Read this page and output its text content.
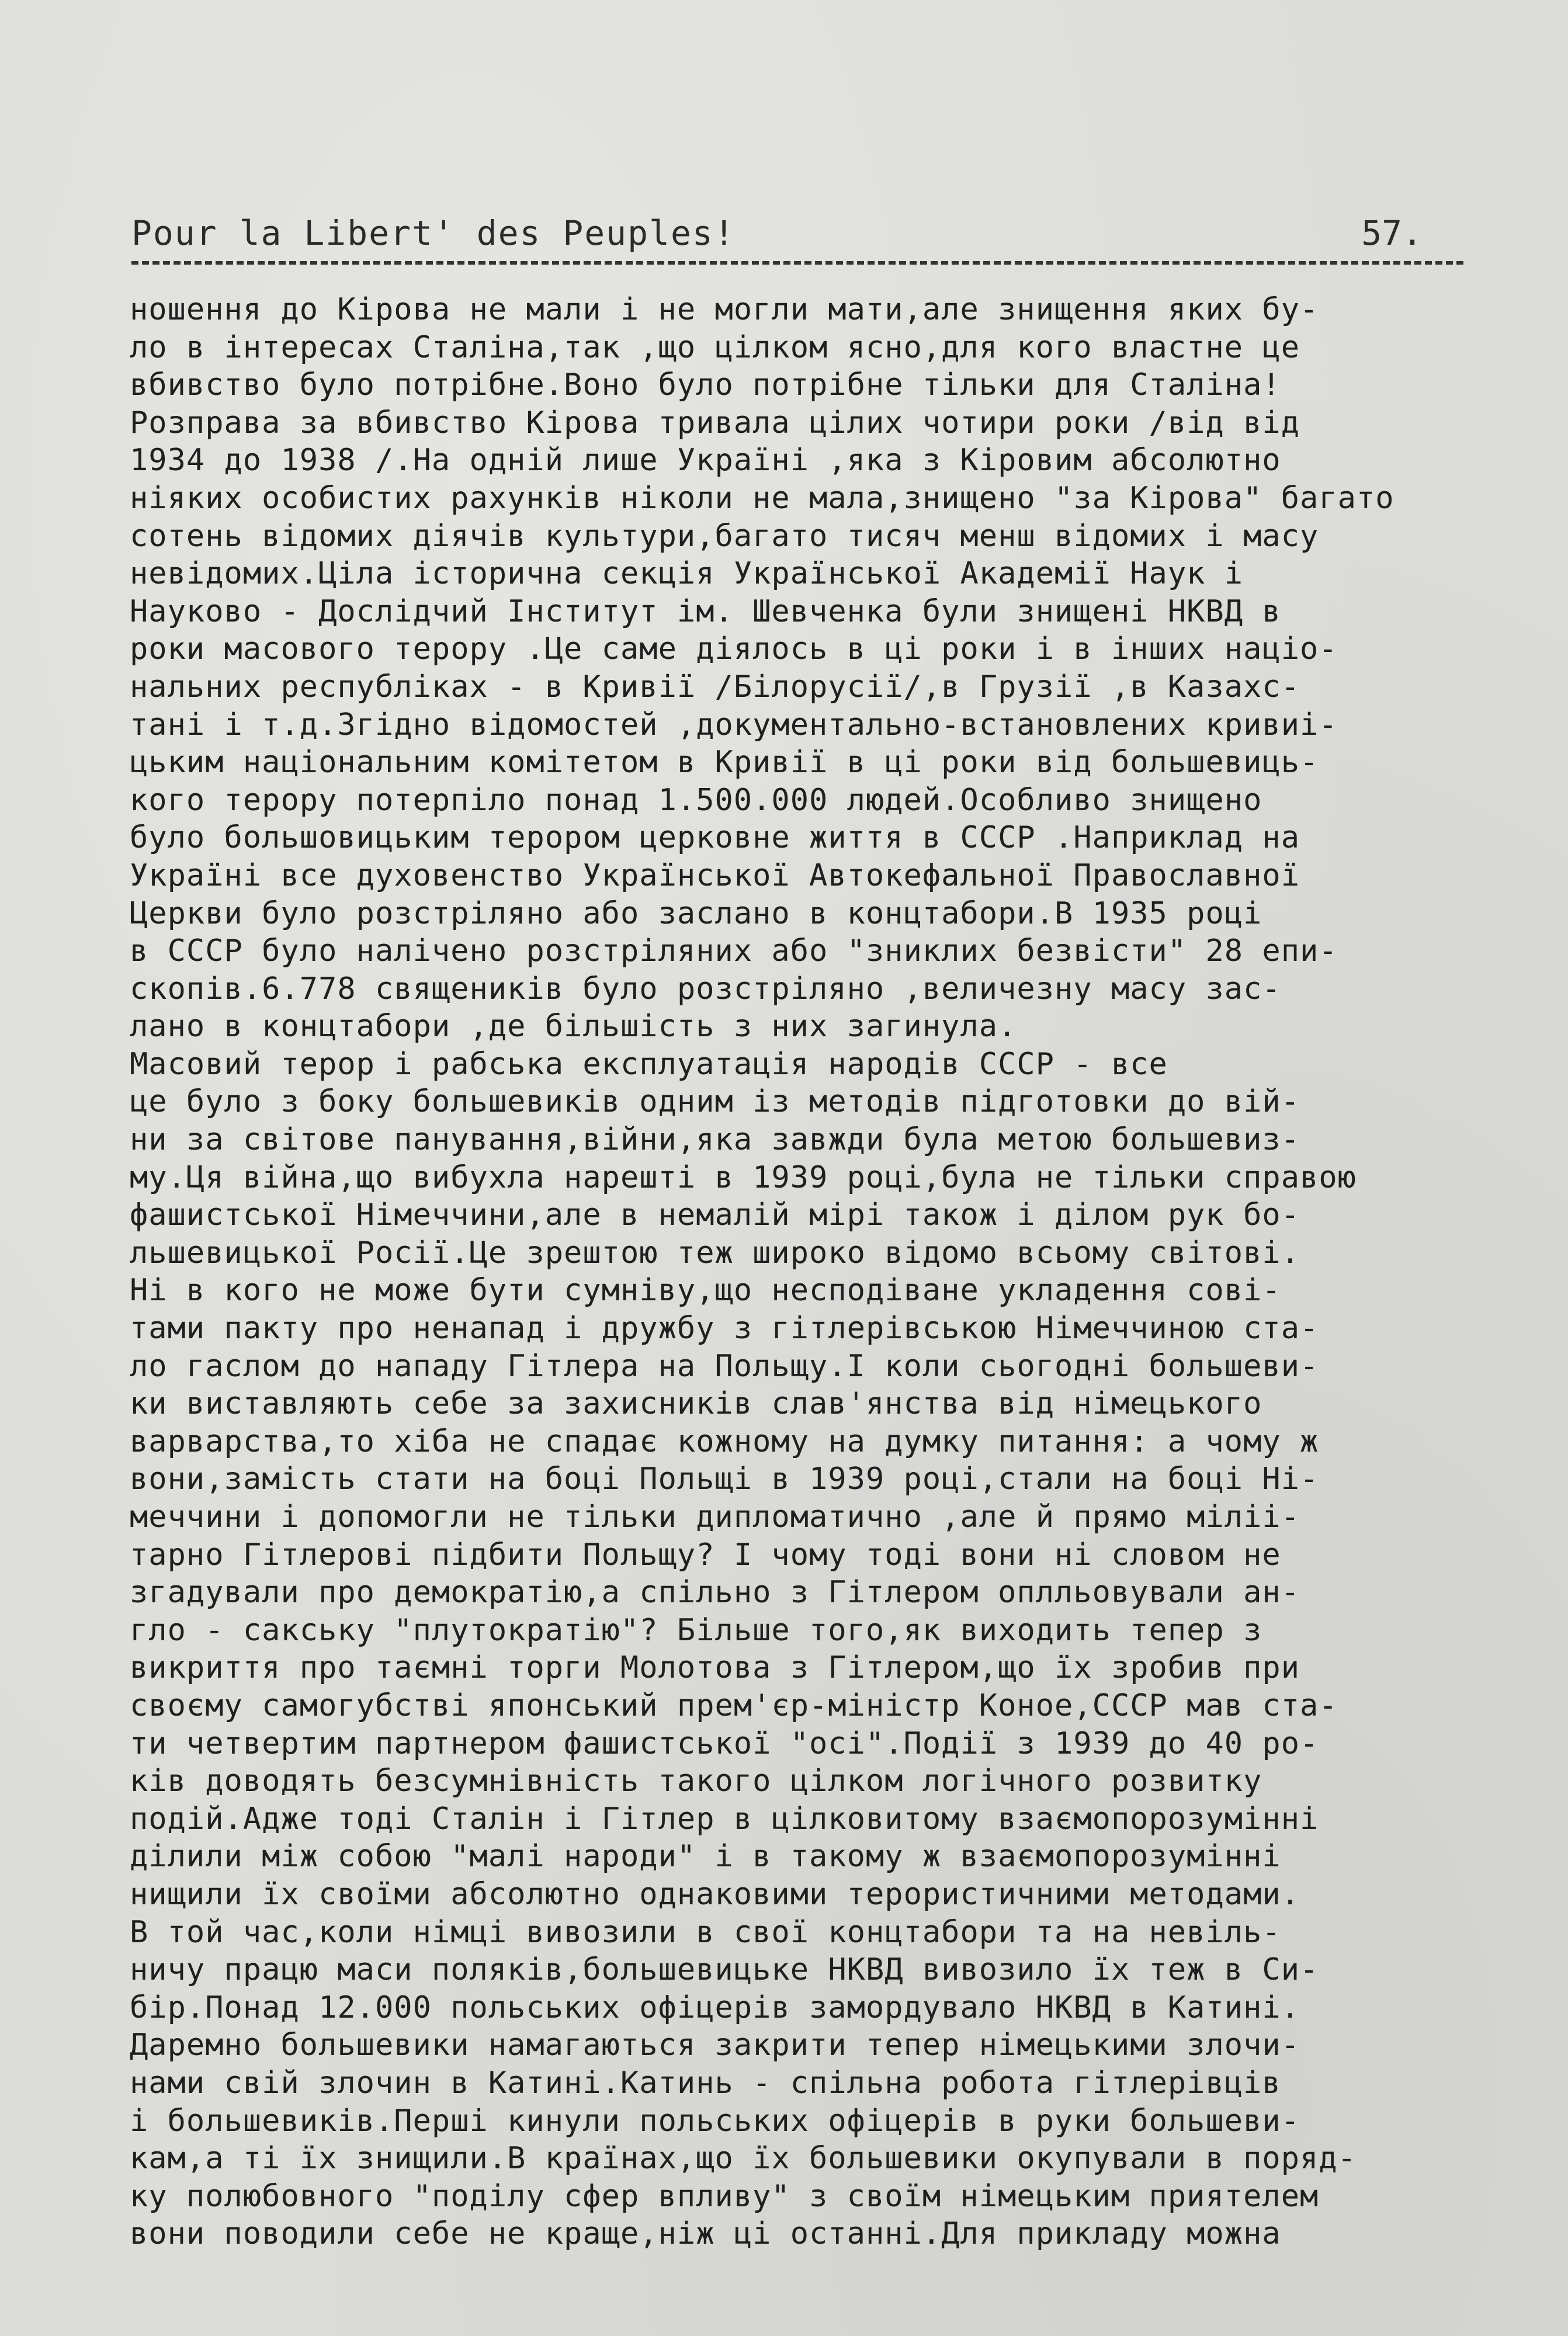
Pour la Libert' des Peuples!	57.
ношення до Кірова не мали і не могли мати,але знищення яких бу-
ло в інтересах Сталіна,так ,що цілком ясно,для кого властне це
вбивство було потрібне.Воно було потрібне тільки для Сталіна!
Розправа за вбивство Кірова тривала цілих чотири роки /від від
1934 до 1938 /.На одній лише Україні ,яка з Кіровим абсолютно
ніяких особистих рахунків ніколи не мала,знищено "за Кірова" багато
сотень відомих діячів культури,багато тисяч менш відомих і масу
невідомих.Ціла історична секція Української Академії Наук і
Науково - Дослідчий Інститут ім. Шевченка були знищені НКВД в
роки масового терору .Це саме діялось в ці роки і в інших націо-
нальних республіках - в Кривії /Білорусії/,в Грузії ,в Казахс-
тані і т.д.Згідно відомостей ,документально-встановлених кривиі-
цьким національним комітетом в Кривії в ці роки від большевиць-
кого терору потерпіло понад 1.500.000 людей.Особливо знищено
було большовицьким терором церковне життя в СССР .Наприклад на
Україні все духовенство Української Автокефальної Православної
Церкви було розстріляно або заслано в концтабори.В 1935 році
в СССР було налічено розстріляних або "зниклих безвісти" 28 епи-
скопів.6.778 священиків було розстріляно ,величезну масу зас-
лано в концтабори ,де більшість з них загинула.
Масовий терор і рабська експлуатація народів СССР - все
це було з боку большевиків одним із методів підготовки до вій-
ни за світове панування,війни,яка завжди була метою большевиз-
му.Ця війна,що вибухла нарешті в 1939 році,була не тільки справою
фашистської Німеччини,але в немалій мірі також і ділом рук бо-
льшевицької Росії.Це зрештою теж широко відомо всьому світові.
Ні в кого не може бути сумніву,що несподіване укладення сові-
тами пакту про ненапад і дружбу з гітлерівською Німеччиною ста-
ло гаслом до нападу Гітлера на Польщу.І коли сьогодні большеви-
ки виставляють себе за захисників слав'янства від німецького
варварства,то хіба не спадає кожному на думку питання: а чому ж
вони,замість стати на боці Польщі в 1939 році,стали на боці Ні-
меччини і допомогли не тільки дипломатично ,але й прямо міліі-
тарно Гітлерові підбити Польщу? І чому тоді вони ні словом не
згадували про демократію,а спільно з Гітлером оплльовували ан-
гло - сакську "плутократію"? Більше того,як виходить тепер з
викриття про таємні торги Молотова з Гітлером,що їх зробив при
своєму самогубстві японський прем'єр-міністр Коное,СССР мав ста-
ти четвертим партнером фашистської "осі".Події з 1939 до 40 ро-
ків доводять безсумнівність такого цілком логічного розвитку
подій.Адже тоді Сталін і Гітлер в цілковитому взаємопорозумінні
ділили між собою "малі народи" і в такому ж взаємопорозумінні
нищили їх своїми абсолютно однаковими терористичними методами.
В той час,коли німці вивозили в свої концтабори та на невіль-
ничу працю маси поляків,большевицьке НКВД вивозило їх теж в Си-
бір.Понад 12.000 польських офіцерів замордувало НКВД в Катині.
Даремно большевики намагаються закрити тепер німецькими злочи-
нами свій злочин в Катині.Катинь - спільна робота гітлерівців
і большевиків.Перші кинули польських офіцерів в руки большеви-
кам,а ті їх знищили.В країнах,що їх большевики окупували в поряд-
ку полюбовного "поділу сфер впливу" з своїм німецьким приятелем
вони поводили себе не краще,ніж ці останні.Для прикладу можна
